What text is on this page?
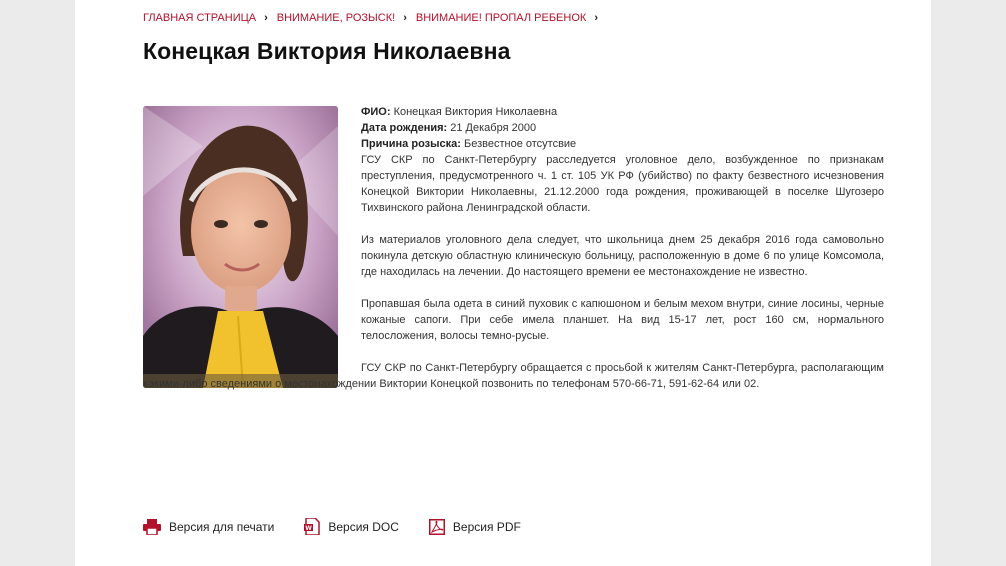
ГЛАВНАЯ СТРАНИЦА › ВНИМАНИЕ, РОЗЫСК! › ВНИМАНИЕ! ПРОПАЛ РЕБЕНОК ›
Конецкая Виктория Николаевна
ФИО: Конецкая Виктория Николаевна
Дата рождения: 21 Декабря 2000
Причина розыска: Безвестное отсутсвие

ГСУ СКР по Санкт-Петербургу расследуется уголовное дело, возбужденное по признакам преступления, предусмотренного ч. 1 ст. 105 УК РФ (убийство) по факту безвестного исчезновения Конецкой Виктории Николаевны, 21.12.2000 года рождения, проживающей в поселке Шугозеро Тихвинского района Ленинградской области.

Из материалов уголовного дела следует, что школьница днем 25 декабря 2016 года самовольно покинула детскую областную клиническую больницу, расположенную в доме 6 по улице Комсомола, где находилась на лечении. До настоящего времени ее местонахождение не известно.

Пропавшая была одета в синий пуховик с капюшоном и белым мехом внутри, синие лосины, черные кожаные сапоги. При себе имела планшет. На вид 15-17 лет, рост 160 см, нормального телосложения, волосы темно-русые.

ГСУ СКР по Санкт-Петербургу обращается с просьбой к жителям Санкт-Петербурга, располагающим какими-либо сведениями о местонахождении Виктории Конецкой позвонить по телефонам 570-66-71, 591-62-64 или 02.

Версия для печати	W Версия DOC	Версия PDF
